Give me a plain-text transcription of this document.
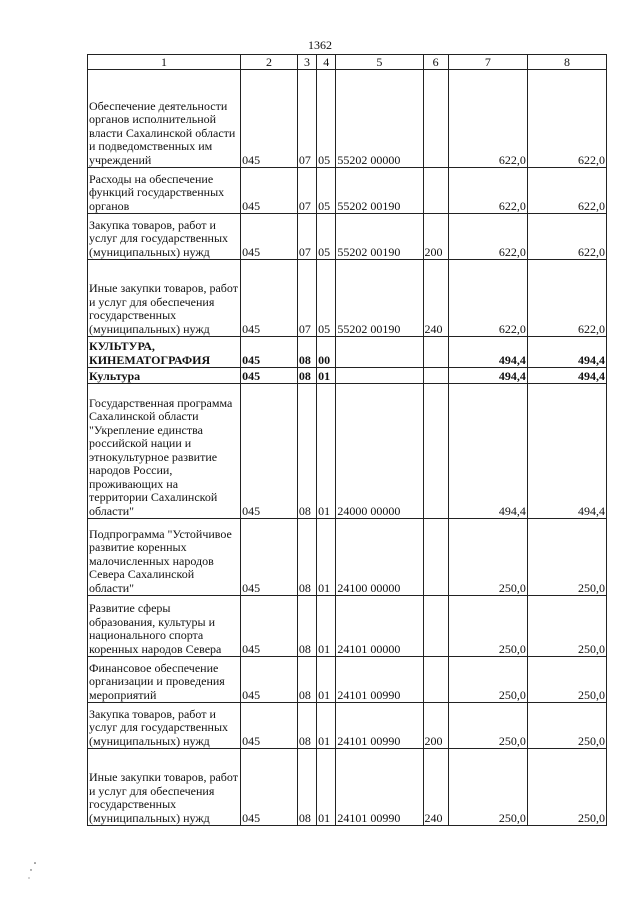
1362
1	2	3	4	5	6	7	8
Обеспечение деятельности органов исполнительной власти Сахалинской области и подведомственных им учреждений	045	07	05	55202 00000		622,0	622,0
Расходы на обеспечение функций государственных органов	045	07	05	55202 00190		622,0	622,0
Закупка товаров, работ и услуг для государственных (муниципальных) нужд	045	07	05	55202 00190	200	622,0	622,0
Иные закупки товаров, работ и услуг для обеспечения государственных (муниципальных) нужд	045	07	05	55202 00190	240	622,0	622,0
КУЛЬТУРА, КИНЕМАТОГРАФИЯ	045	08	00			494,4	494,4
Культура	045	08	01			494,4	494,4
Государственная программа Сахалинской области "Укрепление единства российской нации и этнокультурное развитие народов России, проживающих на территории Сахалинской области"	045	08	01	24000 00000		494,4	494,4
Подпрограмма "Устойчивое развитие коренных малочисленных народов Севера Сахалинской области"	045	08	01	24100 00000		250,0	250,0
Развитие сферы образования, культуры и национального спорта коренных народов Севера	045	08	01	24101 00000		250,0	250,0
Финансовое обеспечение организации и проведения мероприятий	045	08	01	24101 00990		250,0	250,0
Закупка товаров, работ и услуг для государственных (муниципальных) нужд	045	08	01	24101 00990	200	250,0	250,0
Иные закупки товаров, работ и услуг для обеспечения государственных (муниципальных) нужд	045	08	01	24101 00990	240	250,0	250,0
